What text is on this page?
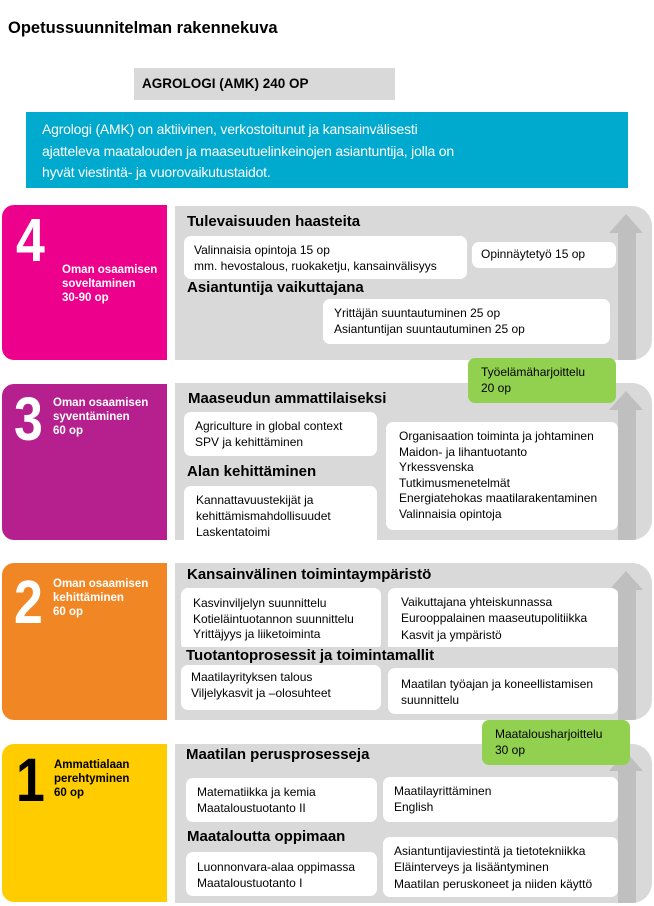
Opetussuunnitelman rakennekuva
AGROLOGI (AMK) 240 OP
Agrologi (AMK) on aktiivinen, verkostoitunut ja kansainvälisesti
ajatteleva maatalouden ja maaseutuelinkeinojen asiantuntija, jolla on
hyvät viestintä- ja vuorovaikutustaidot.
4 Oman osaamisen
soveltaminen
30-90 op
Tulevaisuuden haasteita
Valinnaisia opintoja 15 op
mm. hevostalous, ruokaketju, kansainvälisyys
Opinnäytetyö 15 op
Asiantuntija vaikuttajana
Yrittäjän suuntautuminen 25 op
Asiantuntijan suuntautuminen 25 op
3 Oman osaamisen
syventäminen
60 op
Maaseudun ammattilaiseksi
Agriculture in global context
SPV ja kehittäminen	Organisaation toiminta ja johtaminen
Maidon- ja lihantuotanto
Yrkessvenska
Tutkimusmenetelmät
Energiatehokas maatilarakentaminen
Valinnaisia opintoja
Alan kehittäminen
Kannattavuustekijät ja
kehittämismahdollisuudet
Laskentatoimi
2 Oman osaamisen
kehittäminen
60 op
Kansainvälinen toimintaympäristö
Kasvinviljelyn suunnittelu
Kotieläintuotannon suunnittelu
Yrittäjyys ja liiketoiminta
Vaikuttajana yhteiskunnassa
Eurooppalainen maaseutupolitiikka
Kasvit ja ympäristö
Tuotantoprosessit ja toimintamallit
Maatilayrityksen talous
Viljelykasvit ja –olosuhteet
Maatilan työajan ja koneellistamisen
suunnittelu
1 Ammattialaan
perehtyminen
60 op
Maatilan perusprosesseja
Matematiikka ja kemia
Maataloustuotanto II
Maatilayrittäminen
English
Maataloutta oppimaan
Luonnonvara-alaa oppimassa
Maataloustuotanto I
Asiantuntijaviestintä ja tietotekniikka
Eläinterveys ja lisääntyminen
Maatilan peruskoneet ja niiden käyttö
Työelämäharjoittelu
20 op
Maatalousharjoittelu
30 op
